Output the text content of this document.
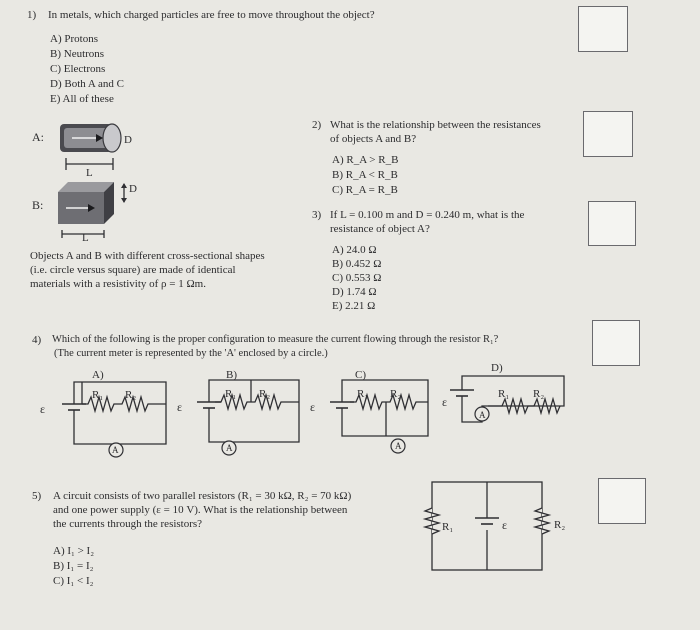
1) In metals, which charged particles are free to move throughout the object?
A) Protons
B) Neutrons
C) Electrons
D) Both A and C
E) All of these
A:	D
L
B:
D
L
Objects A and B with different cross-sectional shapes
(i.e. circle versus square) are made of identical
materials with a resistivity of ρ = 1 Ωm.
2) What is the relationship between the resistances
of objects A and B?
A) R_A > R_B
B) R_A < R_B
C) R_A = R_B
3) If L = 0.100 m and D = 0.240 m, what is the
resistance of object A?
A) 24.0 Ω
B) 0.452 Ω
C) 0.553 Ω
D) 1.74 Ω
E) 2.21 Ω
4) Which of the following is the proper configuration to measure the current flowing through the resistor R₁?
(The current meter is represented by the 'A' enclosed by a circle.)
A)	B)	C)
D)
ε
R₁ R₂
A
ε
R₁ R₂
A
ε
R₁ R₂
A
ε
R₁ R₂
A
5) A circuit consists of two parallel resistors (R₁ = 30 kΩ, R₂ = 70 kΩ)
and one power supply (ε = 10 V). What is the relationship between
the currents through the resistors?
A) I₁ > I₂
B) I₁ = I₂
C) I₁ < I₂
R₁	ε	R₂
